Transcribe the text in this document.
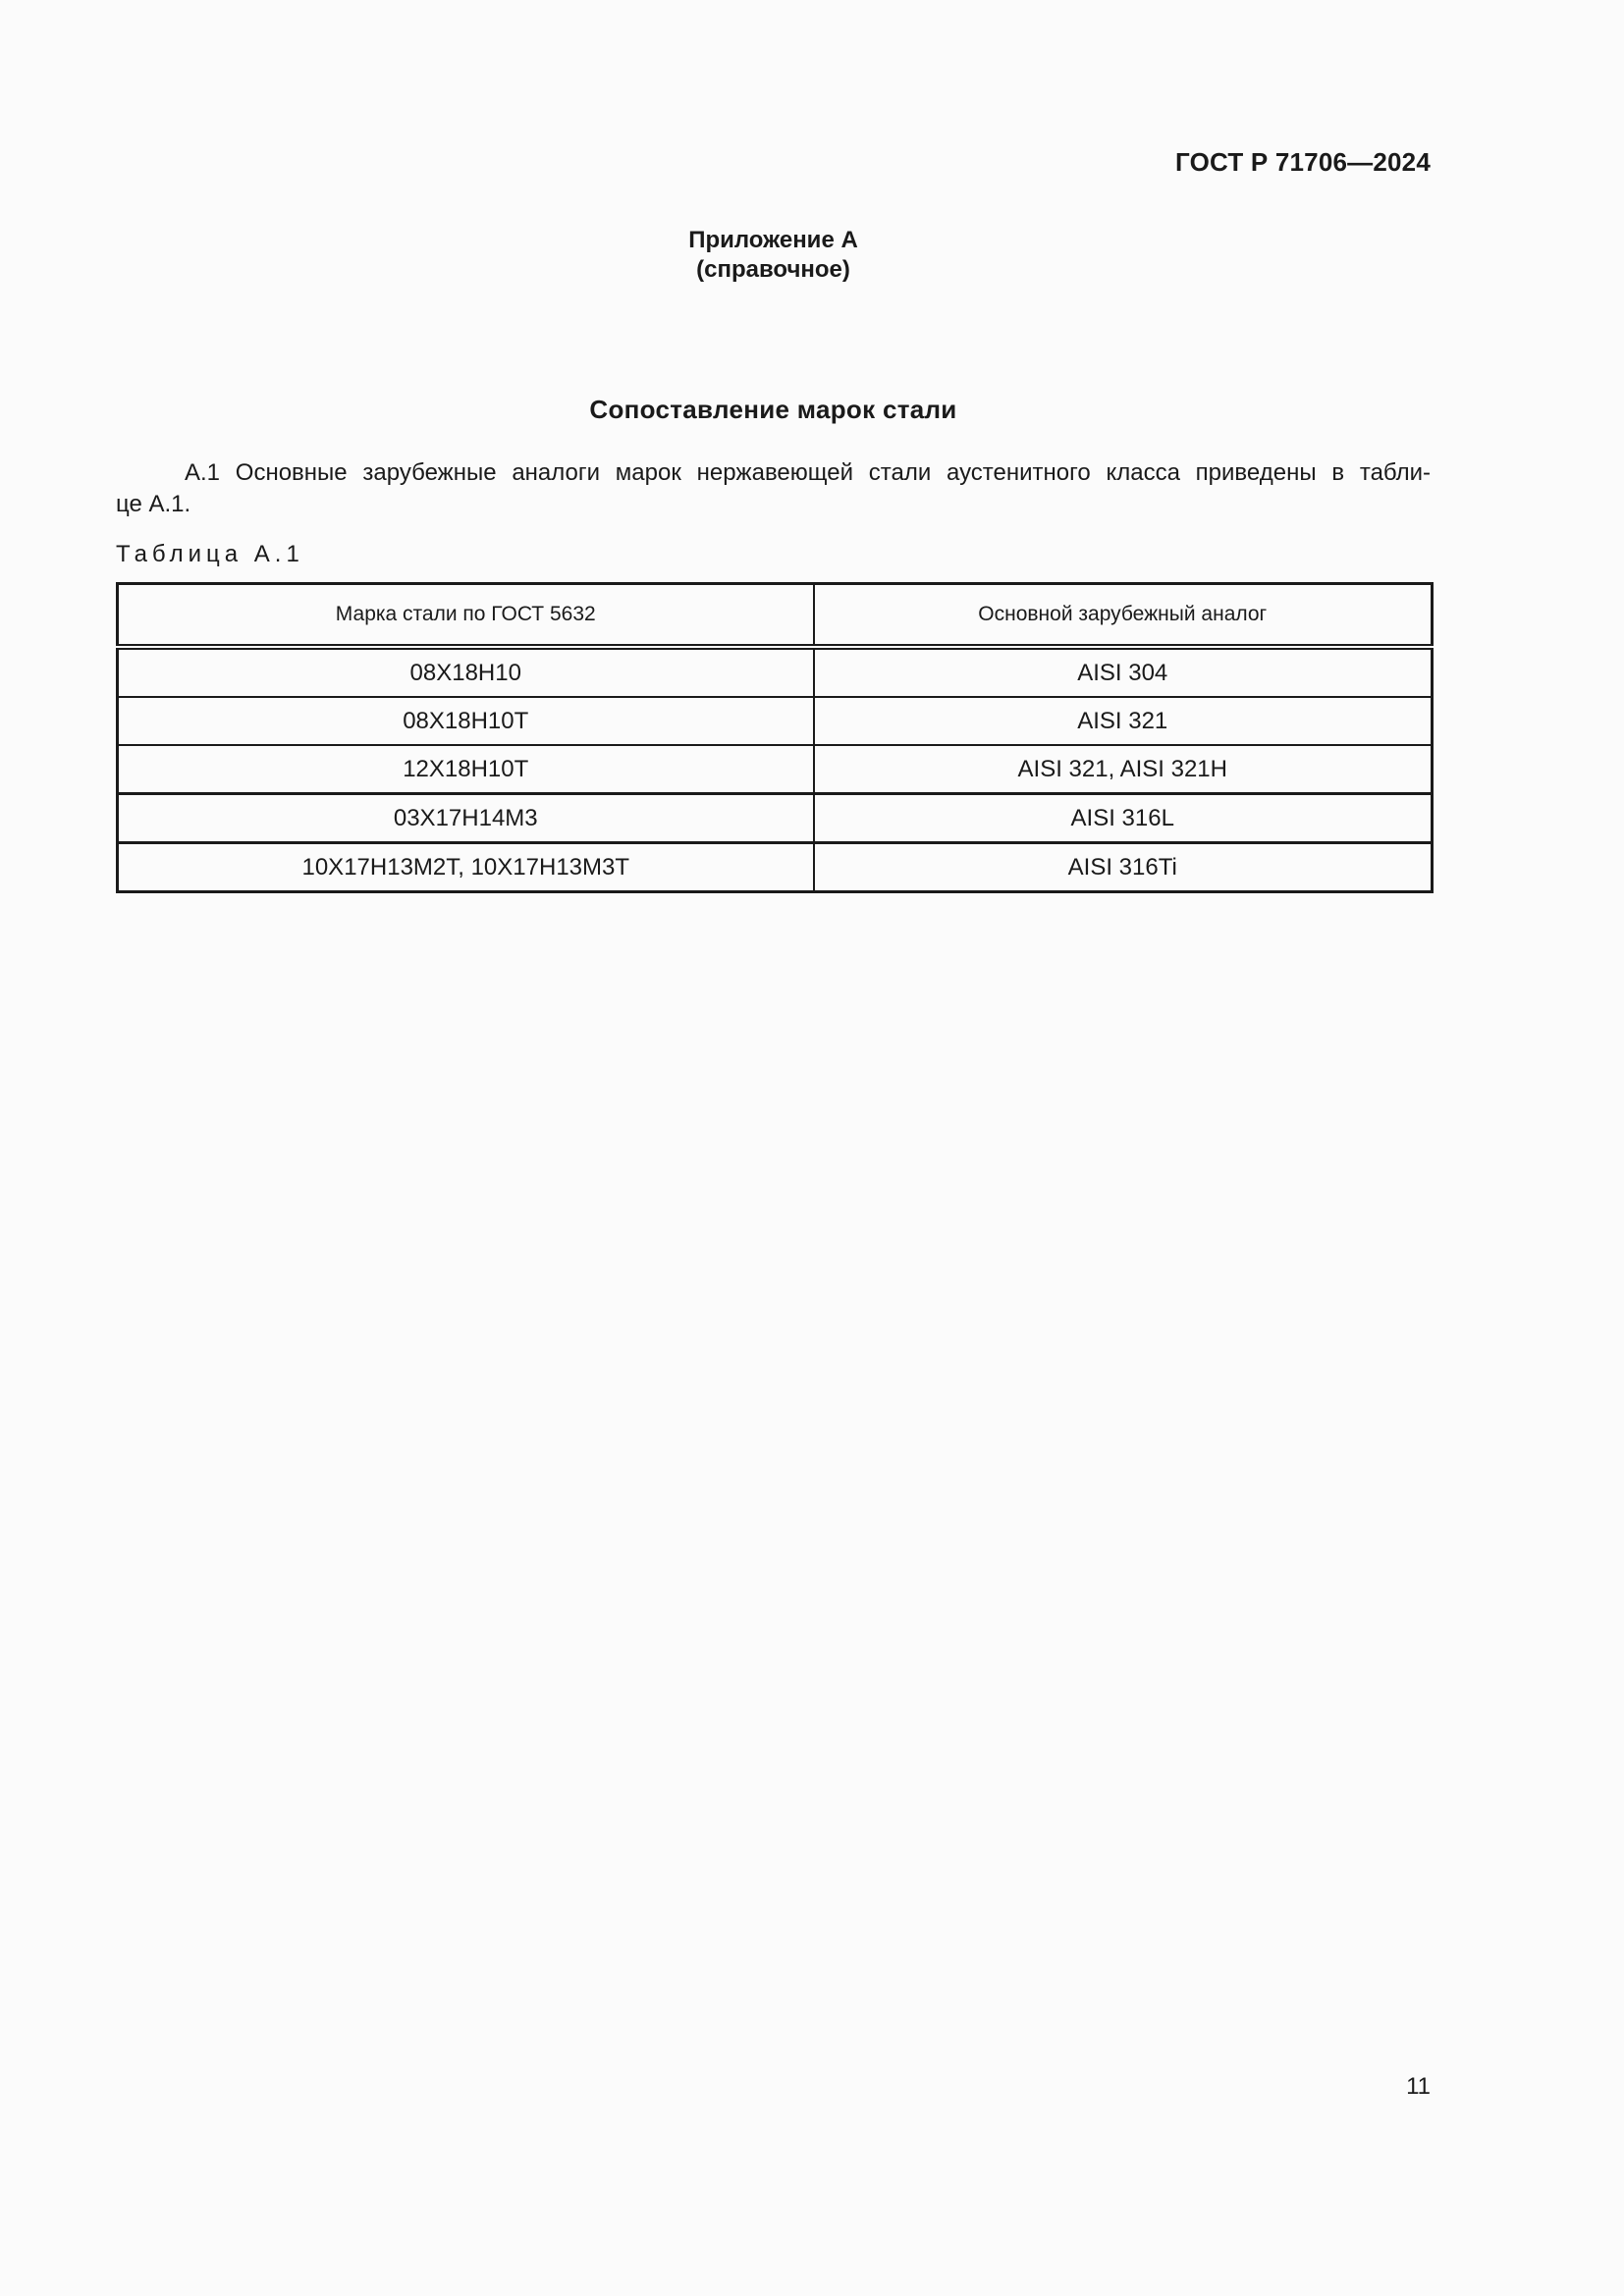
ГОСТ Р 71706—2024
Приложение А
(справочное)
Сопоставление марок стали
А.1 Основные зарубежные аналоги марок нержавеющей стали аустенитного класса приведены в табли-
це А.1.
Таблица А.1
Марка стали по ГОСТ 5632	Основной зарубежный аналог
08Х18Н10	AISI 304
08Х18Н10Т	AISI 321
12Х18Н10Т	AISI 321, AISI 321H
03Х17Н14М3	AISI 316L
10Х17Н13М2Т, 10Х17Н13М3Т	AISI 316Ti
11
